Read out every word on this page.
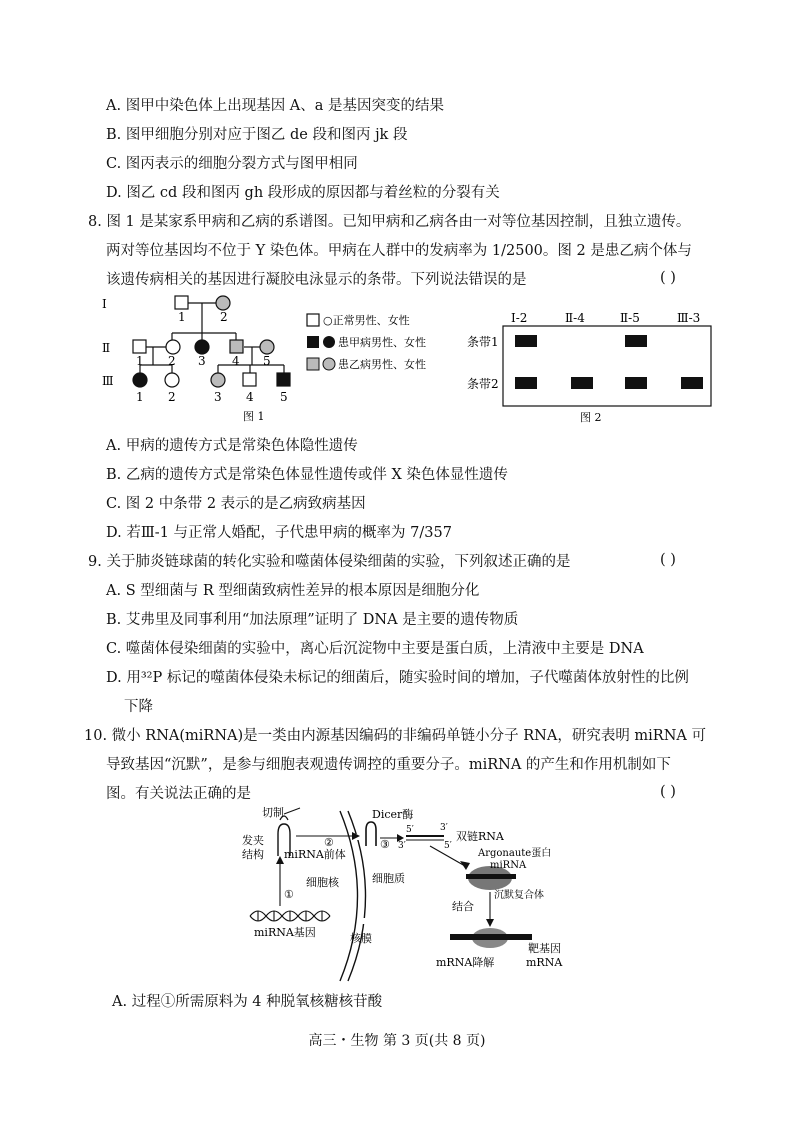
A. 图甲中染色体上出现基因 A、a 是基因突变的结果
B. 图甲细胞分别对应于图乙 de 段和图丙 jk 段
C. 图丙表示的细胞分裂方式与图甲相同
D. 图乙 cd 段和图丙 gh 段形成的原因都与着丝粒的分裂有关
8. 图 1 是某家系甲病和乙病的系谱图。已知甲病和乙病各由一对等位基因控制，且独立遗传。
两对等位基因均不位于 Y 染色体。甲病在人群中的发病率为 1/2500。图 2 是患乙病个体与
该遗传病相关的基因进行凝胶电泳显示的条带。下列说法错误的是	( )
Ⅰ
Ⅱ
Ⅲ
1	2
1 2 3 4 5
1 2	3 4 5
图 1
○正常男性、女性
患甲病男性、女性
患乙病男性、女性
Ⅰ-2	Ⅱ-4	Ⅱ-5	Ⅲ-3
条带1
条带2
图 2
A. 甲病的遗传方式是常染色体隐性遗传
B. 乙病的遗传方式是常染色体显性遗传或伴 X 染色体显性遗传
C. 图 2 中条带 2 表示的是乙病致病基因
D. 若Ⅲ-1 与正常人婚配，子代患甲病的概率为 7/357
9. 关于肺炎链球菌的转化实验和噬菌体侵染细菌的实验，下列叙述正确的是	( )
A. S 型细菌与 R 型细菌致病性差异的根本原因是细胞分化
B. 艾弗里及同事利用“加法原理”证明了 DNA 是主要的遗传物质
C. 噬菌体侵染细菌的实验中，离心后沉淀物中主要是蛋白质，上清液中主要是 DNA
D. 用³²P 标记的噬菌体侵染未标记的细菌后，随实验时间的增加，子代噬菌体放射性的比例
下降
10. 微小 RNA(miRNA)是一类由内源基因编码的非编码单链小分子 RNA，研究表明 miRNA 可
导致基因“沉默”，是参与细胞表观遗传调控的重要分子。miRNA 的产生和作用机制如下
图。有关说法正确的是	( )
切制	Dicer酶
发夹
结构 miRNA前体
细胞核	细胞质
miRNA基因	核膜
双链RNA
Argonaute蛋白
miRNA
沉默复合体
结合
靶基因
mRNA
mRNA降解
①
②	③
5′	3′
3′	5′
A. 过程①所需原料为 4 种脱氧核糖核苷酸
高三・生物 第 3 页(共 8 页)
